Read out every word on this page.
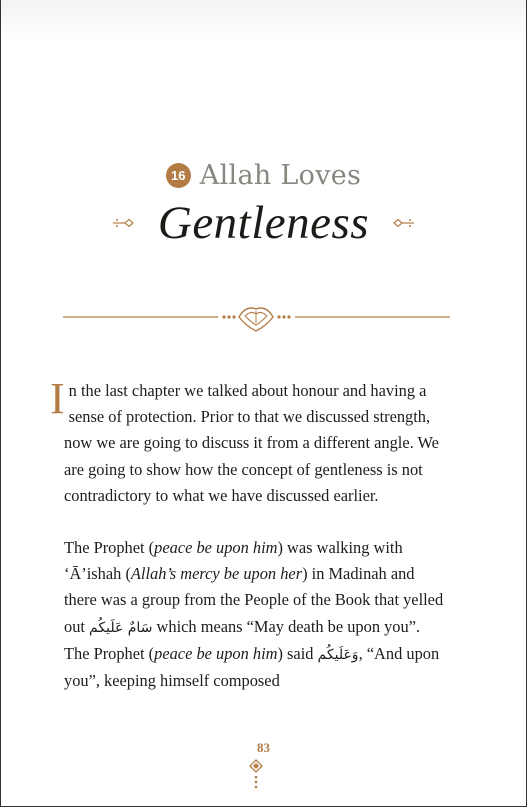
16 Allah Loves
Gentleness

In the last chapter we talked about honour and having a sense of protection. Prior to that we discussed strength, now we are going to discuss it from a different angle. We are going to show how the concept of gentleness is not contradictory to what we have discussed earlier.

The Prophet (peace be upon him) was walking with ‘Ā’ishah (Allah’s mercy be upon her) in Madinah and there was a group from the People of the Book that yelled out سَامٌ عَلَيكُم which means “May death be upon you”. The Prophet (peace be upon him) said وَعَلَيكُم, “And upon you”, keeping himself composed

83
